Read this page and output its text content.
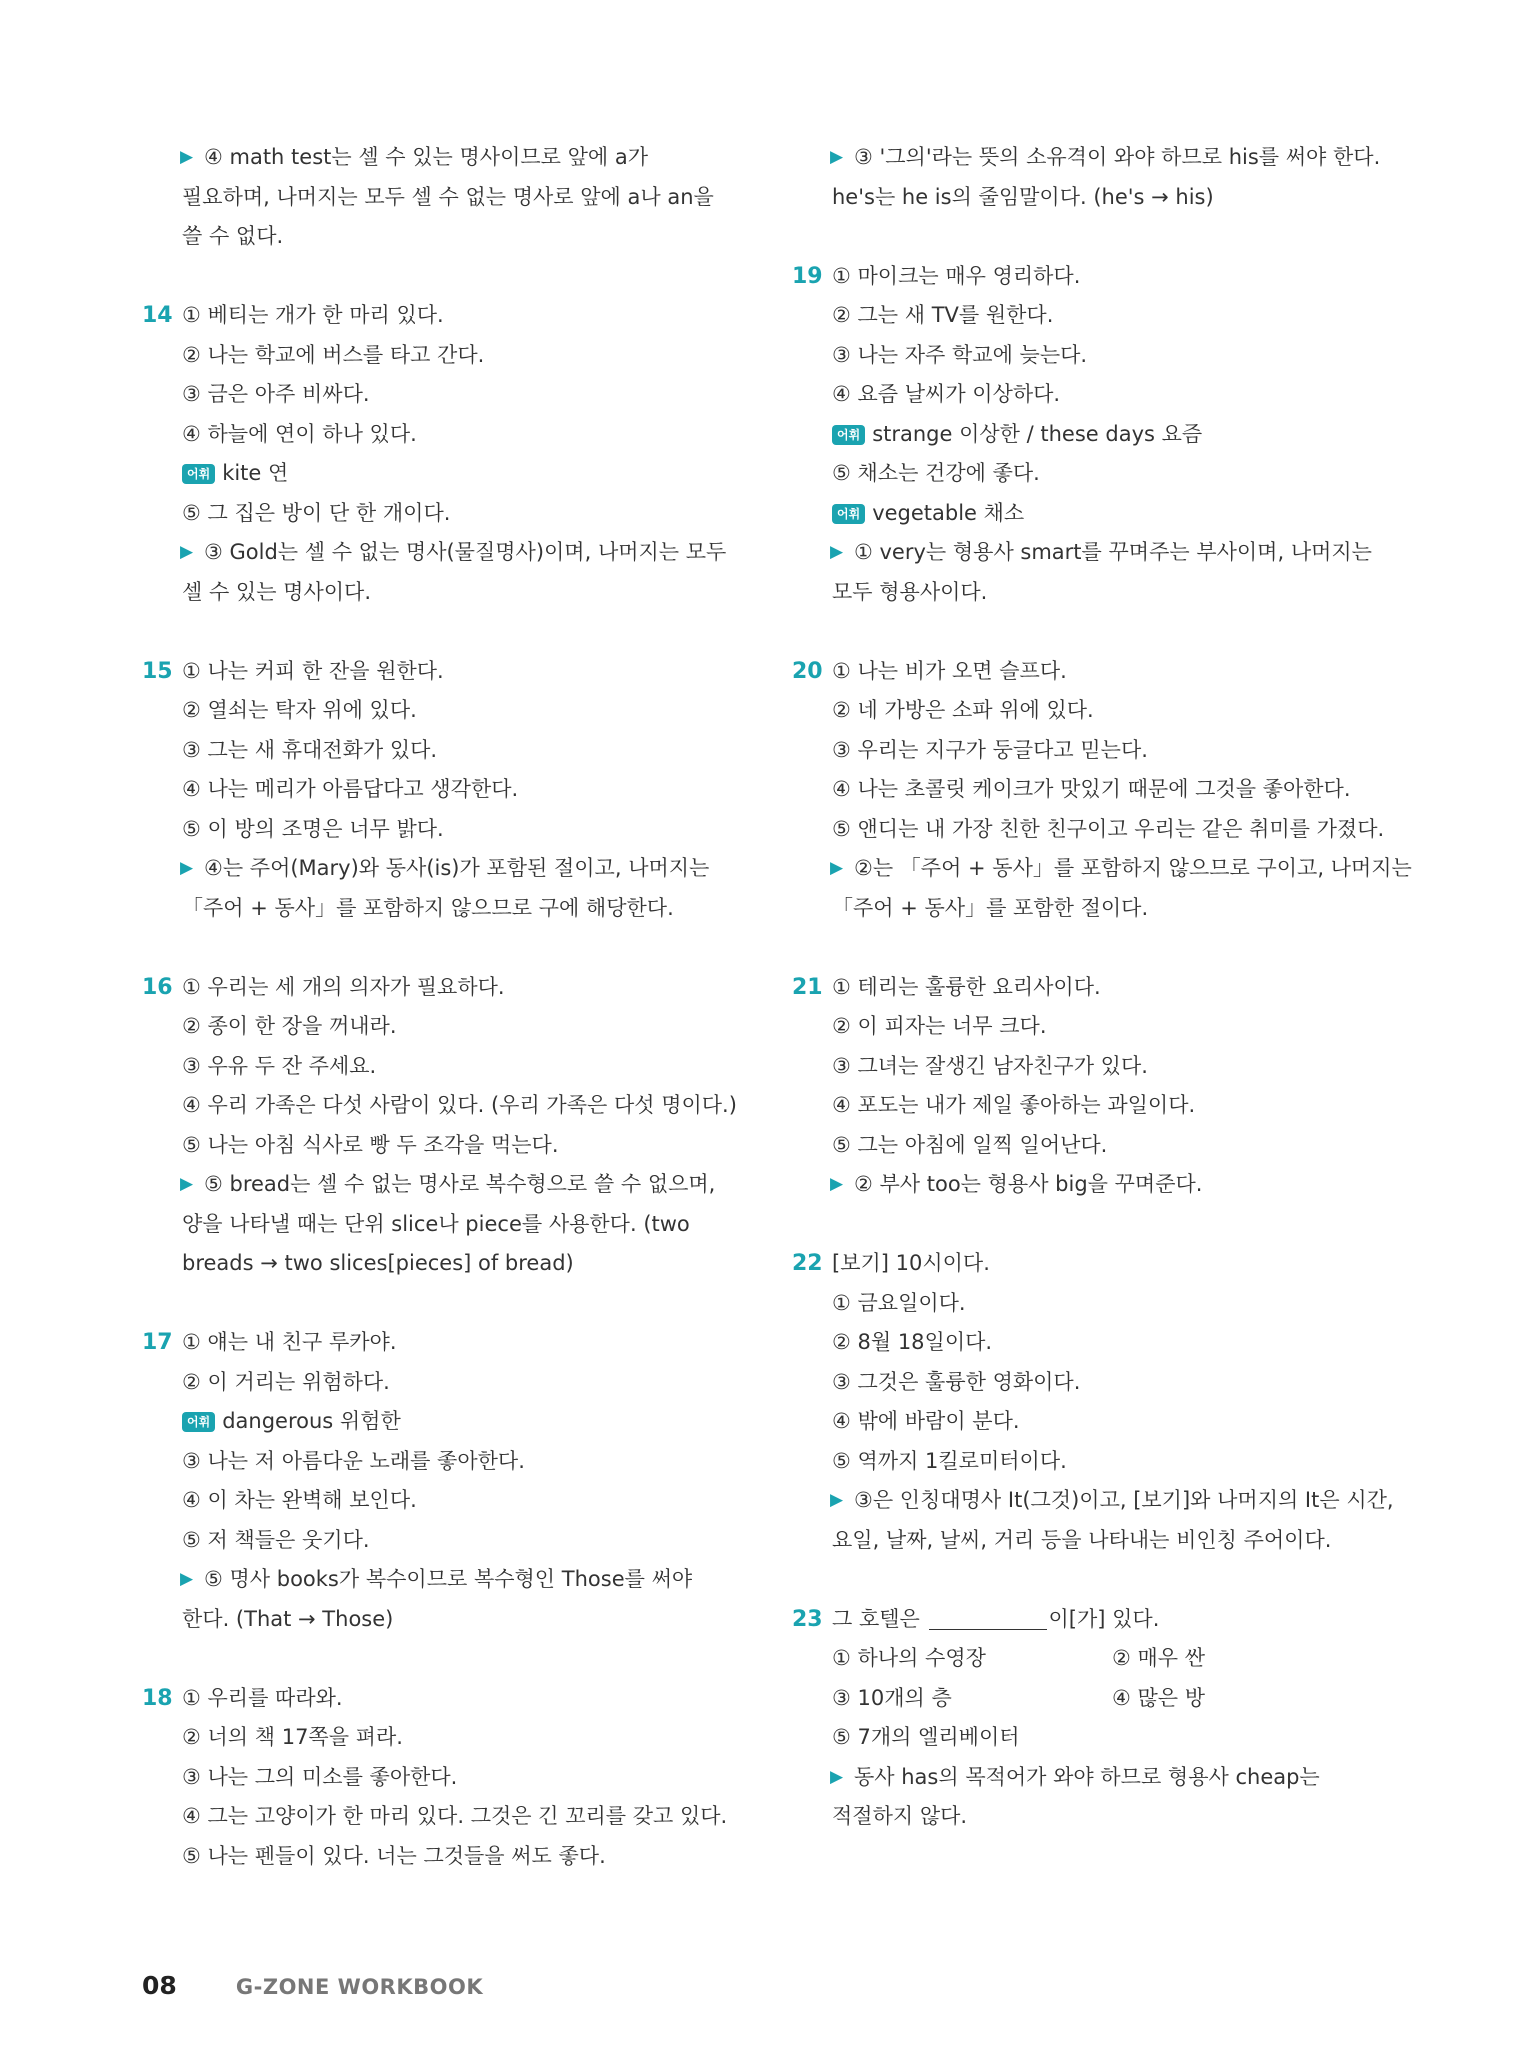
▶ ④ math test는 셀 수 있는 명사이므로 앞에 a가
필요하며, 나머지는 모두 셀 수 없는 명사로 앞에 a나 an을
쓸 수 없다.
14 ① 베티는 개가 한 마리 있다.
② 나는 학교에 버스를 타고 간다.
③ 금은 아주 비싸다.
④ 하늘에 연이 하나 있다.
어휘 kite 연
⑤ 그 집은 방이 단 한 개이다.
▶ ③ Gold는 셀 수 없는 명사(물질명사)이며, 나머지는 모두
셀 수 있는 명사이다.
15 ① 나는 커피 한 잔을 원한다.
② 열쇠는 탁자 위에 있다.
③ 그는 새 휴대전화가 있다.
④ 나는 메리가 아름답다고 생각한다.
⑤ 이 방의 조명은 너무 밝다.
▶ ④는 주어(Mary)와 동사(is)가 포함된 절이고, 나머지는
「주어 + 동사」를 포함하지 않으므로 구에 해당한다.
16 ① 우리는 세 개의 의자가 필요하다.
② 종이 한 장을 꺼내라.
③ 우유 두 잔 주세요.
④ 우리 가족은 다섯 사람이 있다. (우리 가족은 다섯 명이다.)
⑤ 나는 아침 식사로 빵 두 조각을 먹는다.
▶ ⑤ bread는 셀 수 없는 명사로 복수형으로 쓸 수 없으며,
양을 나타낼 때는 단위 slice나 piece를 사용한다. (two
breads → two slices[pieces] of bread)
17 ① 얘는 내 친구 루카야.
② 이 거리는 위험하다.
어휘 dangerous 위험한
③ 나는 저 아름다운 노래를 좋아한다.
④ 이 차는 완벽해 보인다.
⑤ 저 책들은 웃기다.
▶ ⑤ 명사 books가 복수이므로 복수형인 Those를 써야
한다. (That → Those)
18 ① 우리를 따라와.
② 너의 책 17쪽을 펴라.
③ 나는 그의 미소를 좋아한다.
④ 그는 고양이가 한 마리 있다. 그것은 긴 꼬리를 갖고 있다.
⑤ 나는 펜들이 있다. 너는 그것들을 써도 좋다.
▶ ③ '그의'라는 뜻의 소유격이 와야 하므로 his를 써야 한다.
he's는 he is의 줄임말이다. (he's → his)
19 ① 마이크는 매우 영리하다.
② 그는 새 TV를 원한다.
③ 나는 자주 학교에 늦는다.
④ 요즘 날씨가 이상하다.
어휘 strange 이상한 / these days 요즘
⑤ 채소는 건강에 좋다.
어휘 vegetable 채소
▶ ① very는 형용사 smart를 꾸며주는 부사이며, 나머지는
모두 형용사이다.
20 ① 나는 비가 오면 슬프다.
② 네 가방은 소파 위에 있다.
③ 우리는 지구가 둥글다고 믿는다.
④ 나는 초콜릿 케이크가 맛있기 때문에 그것을 좋아한다.
⑤ 앤디는 내 가장 친한 친구이고 우리는 같은 취미를 가졌다.
▶ ②는 「주어 + 동사」를 포함하지 않으므로 구이고, 나머지는
「주어 + 동사」를 포함한 절이다.
21 ① 테리는 훌륭한 요리사이다.
② 이 피자는 너무 크다.
③ 그녀는 잘생긴 남자친구가 있다.
④ 포도는 내가 제일 좋아하는 과일이다.
⑤ 그는 아침에 일찍 일어난다.
▶ ② 부사 too는 형용사 big을 꾸며준다.
22 [보기] 10시이다.
① 금요일이다.
② 8월 18일이다.
③ 그것은 훌륭한 영화이다.
④ 밖에 바람이 분다.
⑤ 역까지 1킬로미터이다.
▶ ③은 인칭대명사 It(그것)이고, [보기]와 나머지의 It은 시간,
요일, 날짜, 날씨, 거리 등을 나타내는 비인칭 주어이다.
23 그 호텔은	이[가] 있다.
① 하나의 수영장	② 매우 싼
③ 10개의 층	④ 많은 방
⑤ 7개의 엘리베이터
▶ 동사 has의 목적어가 와야 하므로 형용사 cheap는
적절하지 않다.
08	G-ZONE WORKBOOK
